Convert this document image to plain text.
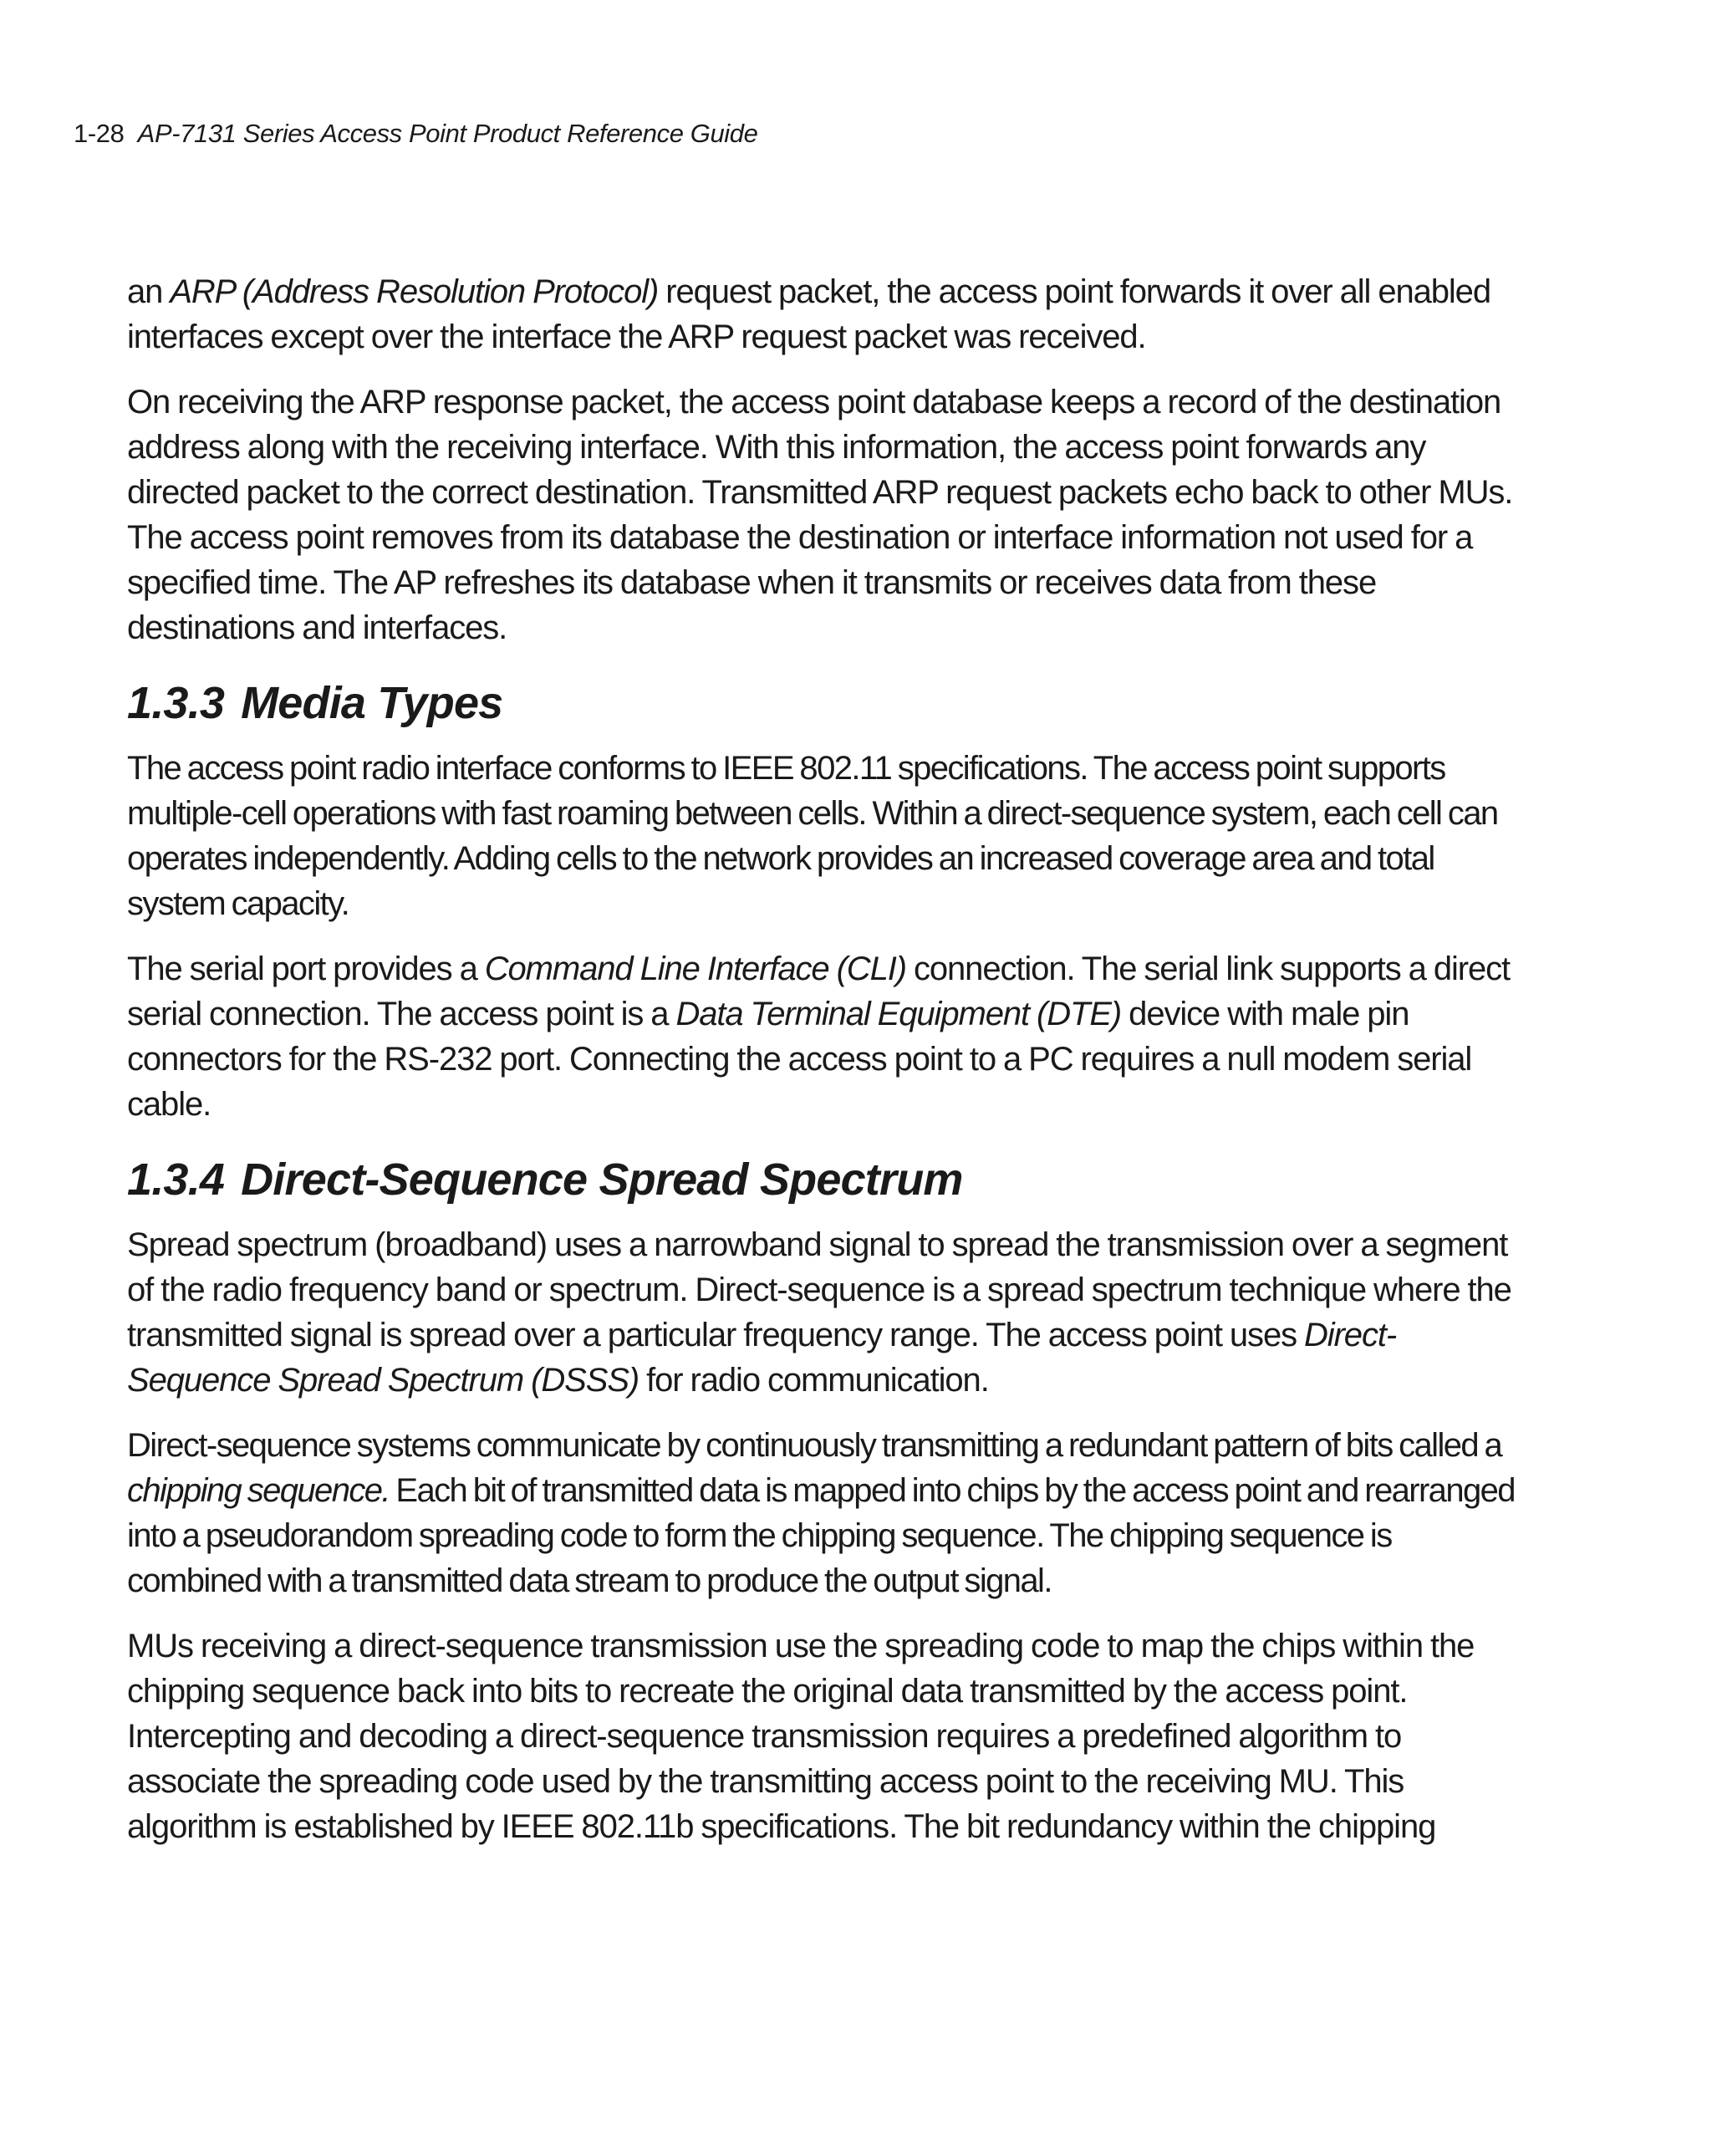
1-28 AP-7131 Series Access Point Product Reference Guide

an ARP (Address Resolution Protocol) request packet, the access point forwards it over all enabled interfaces except over the interface the ARP request packet was received.

On receiving the ARP response packet, the access point database keeps a record of the destination address along with the receiving interface. With this information, the access point forwards any directed packet to the correct destination. Transmitted ARP request packets echo back to other MUs. The access point removes from its database the destination or interface information not used for a specified time. The AP refreshes its database when it transmits or receives data from these destinations and interfaces.

1.3.3 Media Types

The access point radio interface conforms to IEEE 802.11 specifications. The access point supports multiple-cell operations with fast roaming between cells. Within a direct-sequence system, each cell can operates independently. Adding cells to the network provides an increased coverage area and total system capacity.

The serial port provides a Command Line Interface (CLI) connection. The serial link supports a direct serial connection. The access point is a Data Terminal Equipment (DTE) device with male pin connectors for the RS-232 port. Connecting the access point to a PC requires a null modem serial cable.

1.3.4 Direct-Sequence Spread Spectrum

Spread spectrum (broadband) uses a narrowband signal to spread the transmission over a segment of the radio frequency band or spectrum. Direct-sequence is a spread spectrum technique where the transmitted signal is spread over a particular frequency range. The access point uses Direct-Sequence Spread Spectrum (DSSS) for radio communication.

Direct-sequence systems communicate by continuously transmitting a redundant pattern of bits called a chipping sequence. Each bit of transmitted data is mapped into chips by the access point and rearranged into a pseudorandom spreading code to form the chipping sequence. The chipping sequence is combined with a transmitted data stream to produce the output signal.

MUs receiving a direct-sequence transmission use the spreading code to map the chips within the chipping sequence back into bits to recreate the original data transmitted by the access point. Intercepting and decoding a direct-sequence transmission requires a predefined algorithm to associate the spreading code used by the transmitting access point to the receiving MU. This algorithm is established by IEEE 802.11b specifications. The bit redundancy within the chipping
